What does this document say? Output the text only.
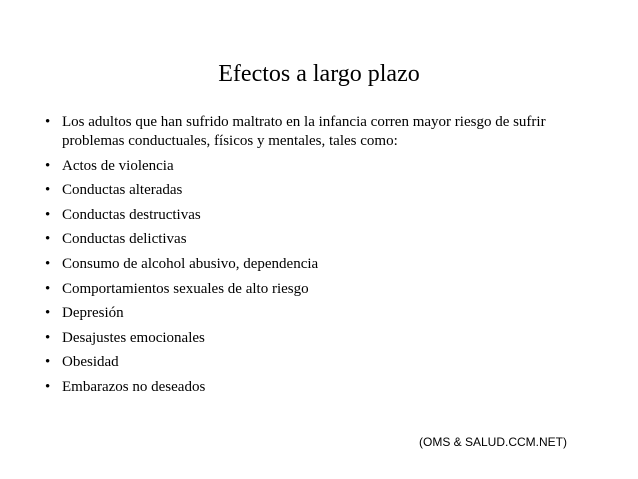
Efectos a largo plazo
• Los adultos que han sufrido maltrato en la infancia corren mayor riesgo de sufrir problemas conductuales, físicos y mentales, tales como:
• Actos de violencia
• Conductas alteradas
• Conductas destructivas
• Conductas delictivas
• Consumo de alcohol abusivo, dependencia
• Comportamientos sexuales de alto riesgo
• Depresión
• Desajustes emocionales
• Obesidad
• Embarazos no deseados
(OMS & SALUD.CCM.NET)
